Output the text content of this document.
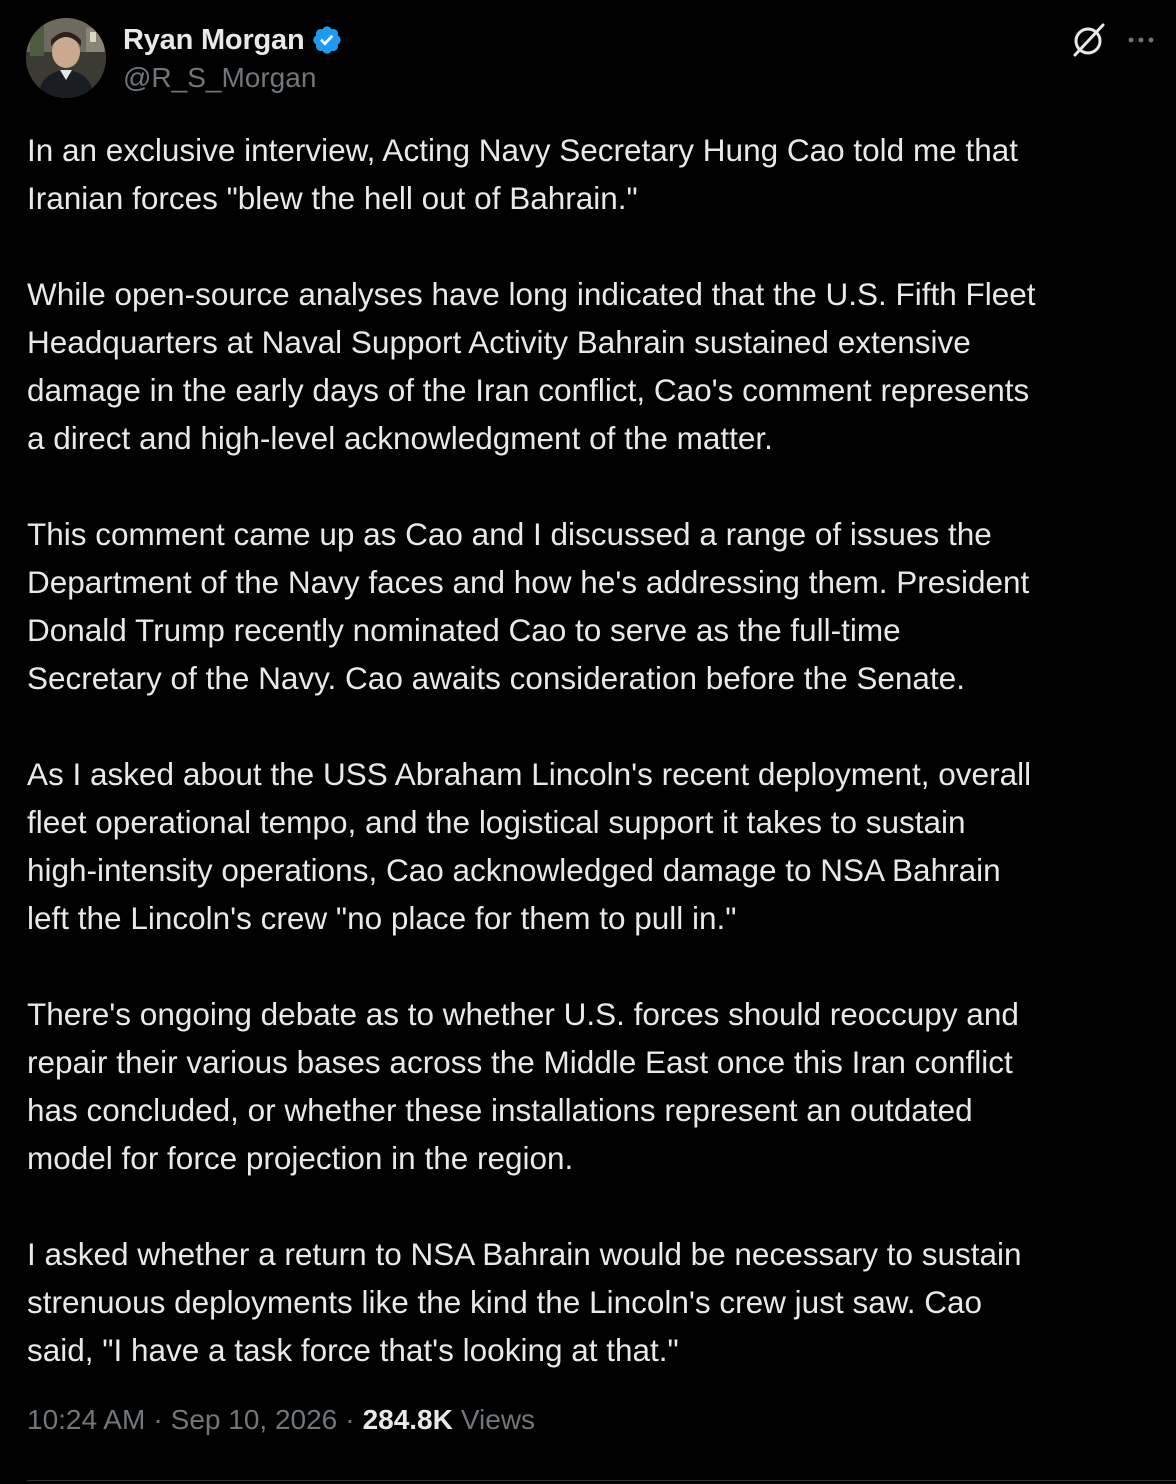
Ryan Morgan
@R_S_Morgan

In an exclusive interview, Acting Navy Secretary Hung Cao told me that
Iranian forces "blew the hell out of Bahrain."

While open-source analyses have long indicated that the U.S. Fifth Fleet
Headquarters at Naval Support Activity Bahrain sustained extensive
damage in the early days of the Iran conflict, Cao's comment represents
a direct and high-level acknowledgment of the matter.

This comment came up as Cao and I discussed a range of issues the
Department of the Navy faces and how he's addressing them. President
Donald Trump recently nominated Cao to serve as the full-time
Secretary of the Navy. Cao awaits consideration before the Senate.

As I asked about the USS Abraham Lincoln's recent deployment, overall
fleet operational tempo, and the logistical support it takes to sustain
high-intensity operations, Cao acknowledged damage to NSA Bahrain
left the Lincoln's crew "no place for them to pull in."

There's ongoing debate as to whether U.S. forces should reoccupy and
repair their various bases across the Middle East once this Iran conflict
has concluded, or whether these installations represent an outdated
model for force projection in the region.

I asked whether a return to NSA Bahrain would be necessary to sustain
strenuous deployments like the kind the Lincoln's crew just saw. Cao
said, "I have a task force that's looking at that."

10:24 AM · Sep 10, 2026 · 284.8K Views
